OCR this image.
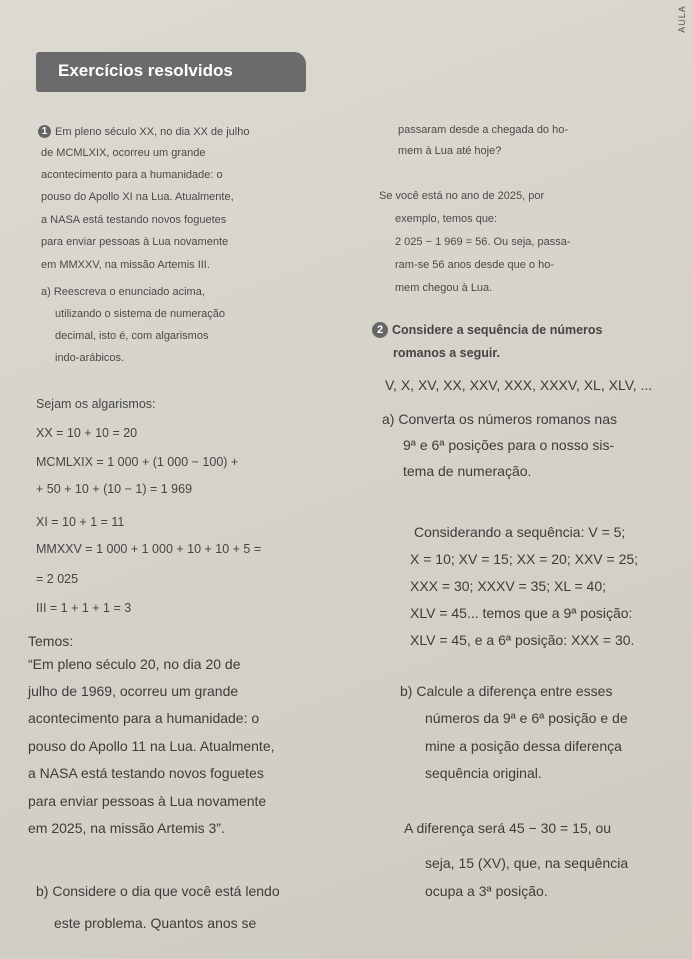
AULA
Exercícios resolvidos
1 Em pleno século XX, no dia XX de julho
de MCMLXIX, ocorreu um grande
acontecimento para a humanidade: o
pouso do Apollo XI na Lua. Atualmente,
a NASA está testando novos foguetes
para enviar pessoas à Lua novamente
em MMXXV, na missão Artemis III.
a) Reescreva o enunciado acima,
utilizando o sistema de numeração
decimal, isto é, com algarismos
indo-arábicos.
Sejam os algarismos:
XX = 10 + 10 = 20
MCMLXIX = 1 000 + (1 000 − 100) +
+ 50 + 10 + (10 − 1) = 1 969
XI = 10 + 1 = 11
MMXXV = 1 000 + 1 000 + 10 + 10 + 5 =
= 2 025
III = 1 + 1 + 1 = 3
Temos:
“Em pleno século 20, no dia 20 de
julho de 1969, ocorreu um grande
acontecimento para a humanidade: o
pouso do Apollo 11 na Lua. Atualmente,
a NASA está testando novos foguetes
para enviar pessoas à Lua novamente
em 2025, na missão Artemis 3”.
b) Considere o dia que você está lendo
este problema. Quantos anos se
passaram desde a chegada do ho-
mem à Lua até hoje?
Se você está no ano de 2025, por
exemplo, temos que:
2 025 − 1 969 = 56. Ou seja, passa-
ram-se 56 anos desde que o ho-
mem chegou à Lua.
2 Considere a sequência de números
romanos a seguir.
V, X, XV, XX, XXV, XXX, XXXV, XL, XLV, ...
a) Converta os números romanos nas
9ª e 6ª posições para o nosso sis-
tema de numeração.
Considerando a sequência: V = 5;
X = 10; XV = 15; XX = 20; XXV = 25;
XXX = 30; XXXV = 35; XL = 40;
XLV = 45... temos que a 9ª posição:
XLV = 45, e a 6ª posição: XXX = 30.
b) Calcule a diferença entre esses
números da 9ª e 6ª posição e de
mine a posição dessa diferença
sequência original.
A diferença será 45 − 30 = 15, ou
seja, 15 (XV), que, na sequência
ocupa a 3ª posição.
